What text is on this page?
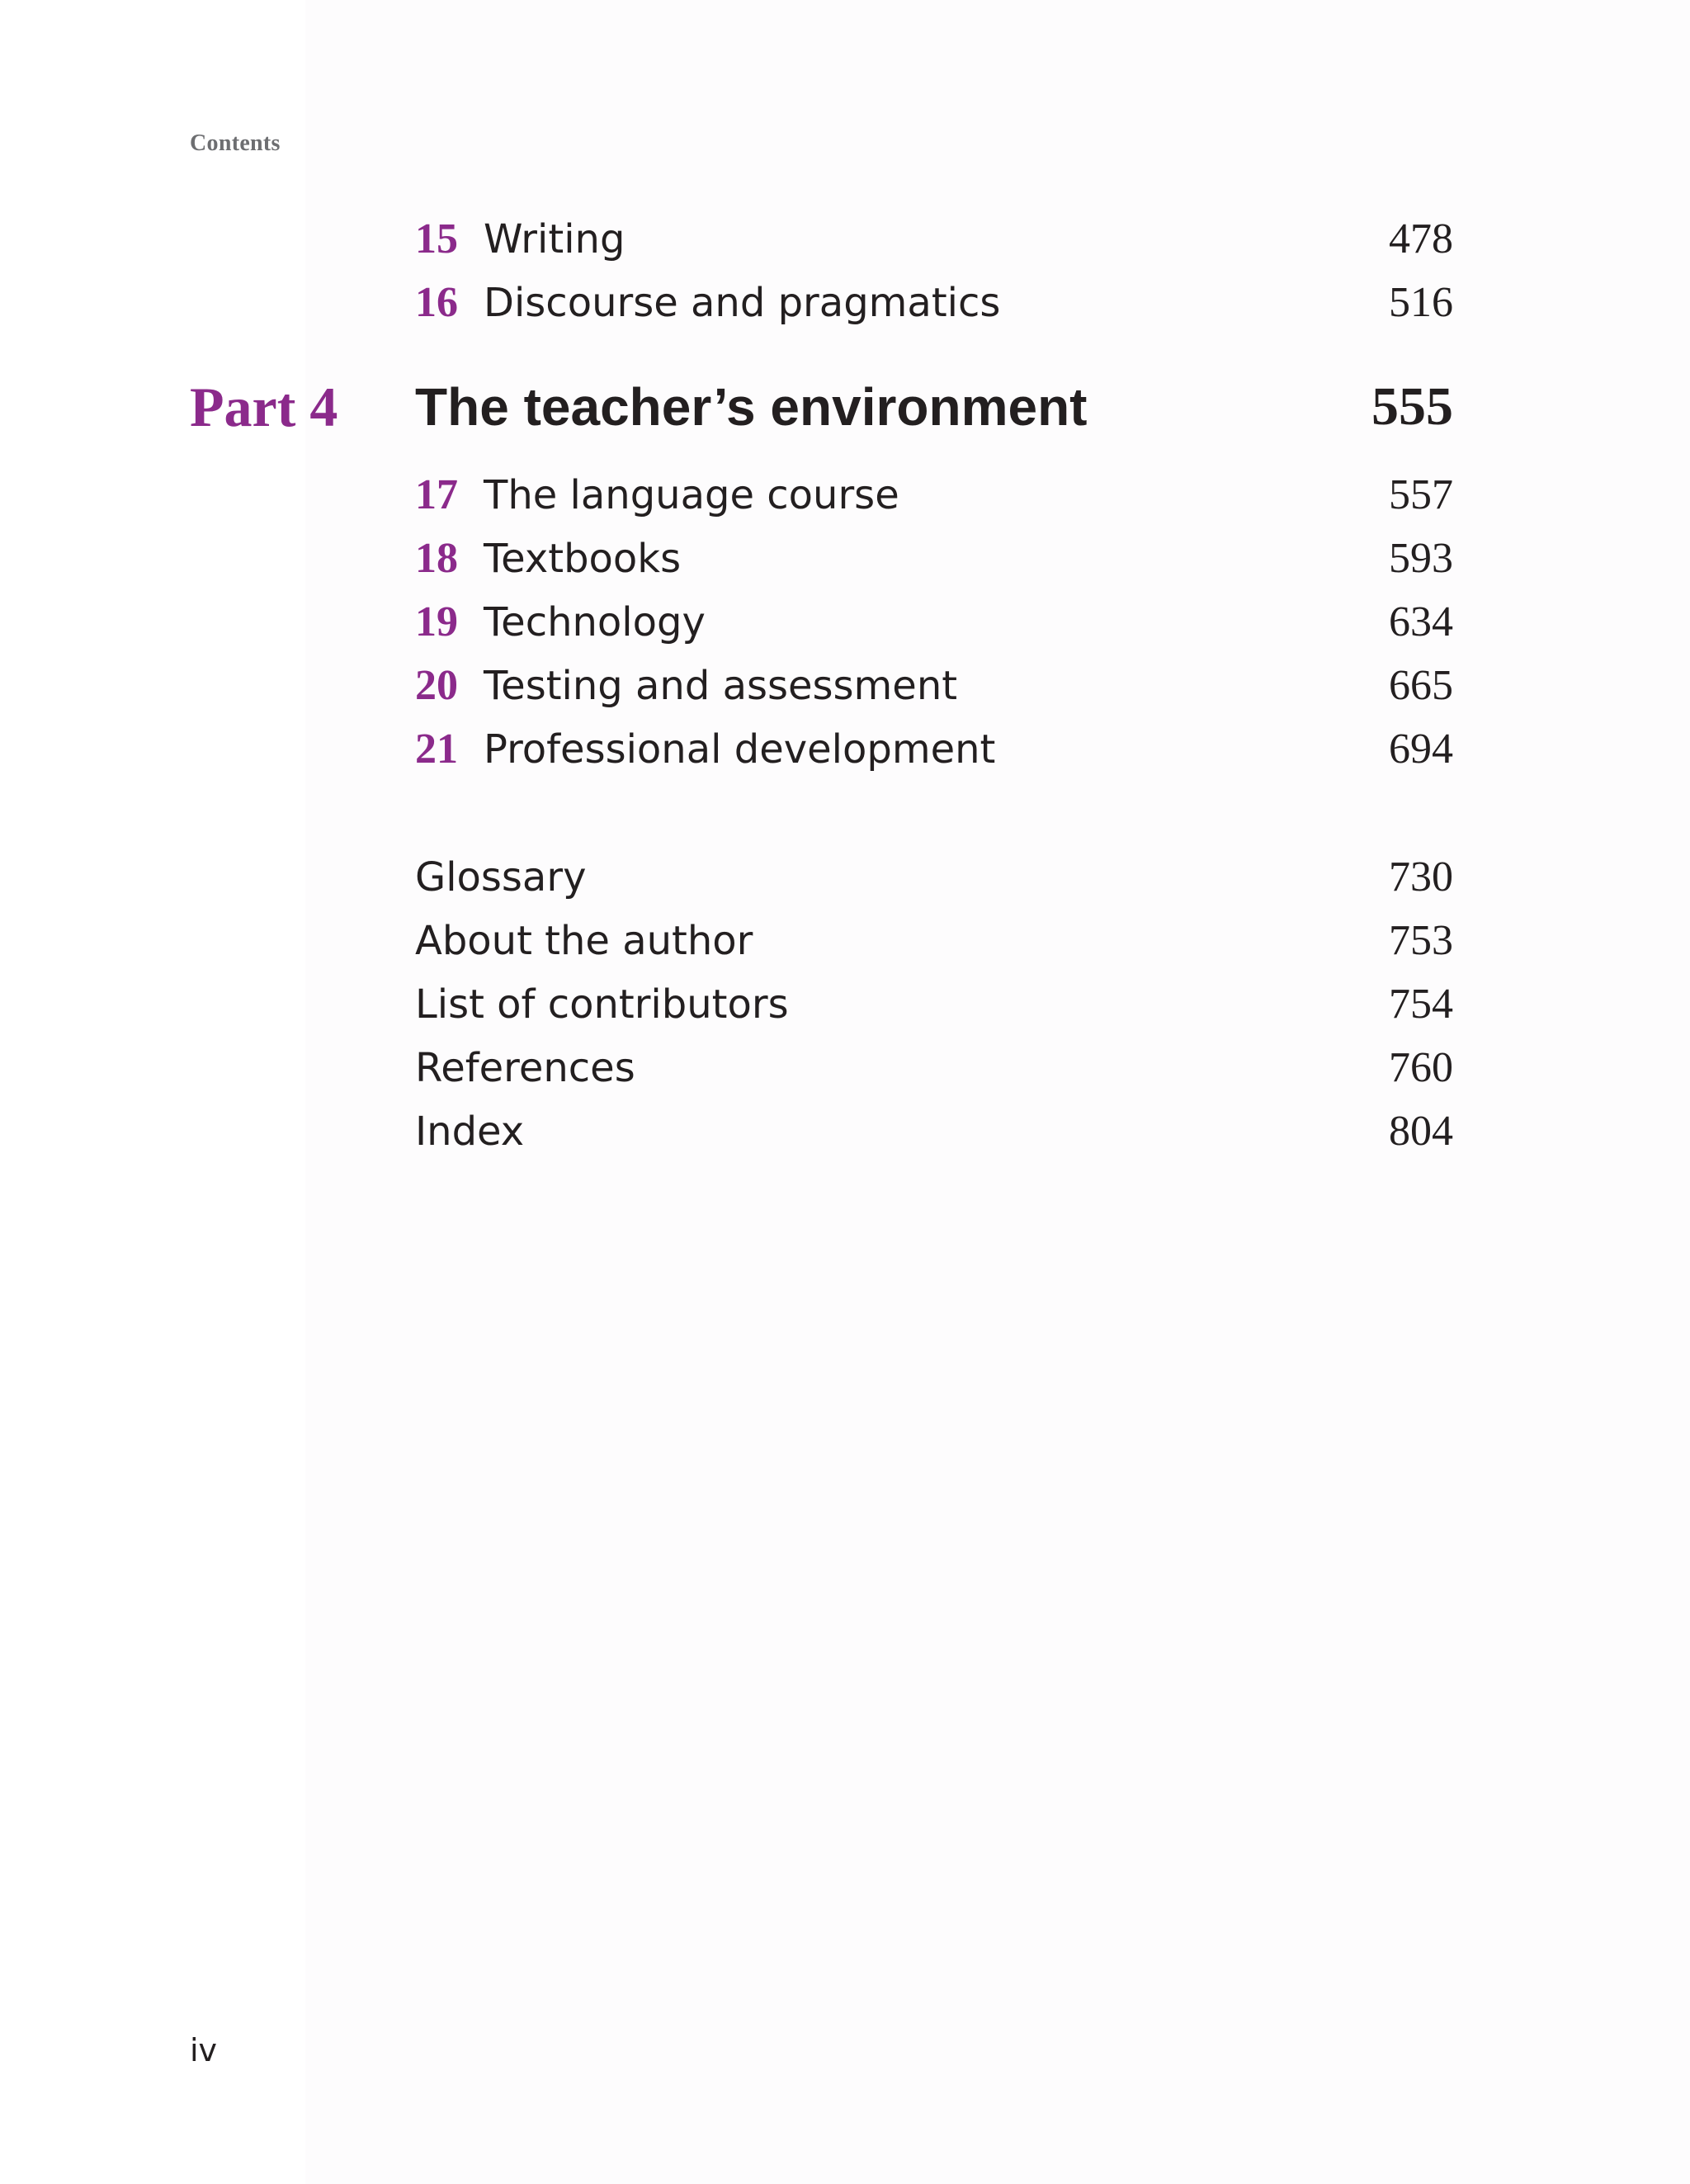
Contents
15 Writing	478
16 Discourse and pragmatics	516
Part 4 The teacher’s environment	555
17 The language course	557
18 Textbooks	593
19 Technology	634
20 Testing and assessment	665
21 Professional development	694
Glossary	730
About the author	753
List of contributors	754
References	760
Index	804
iv
